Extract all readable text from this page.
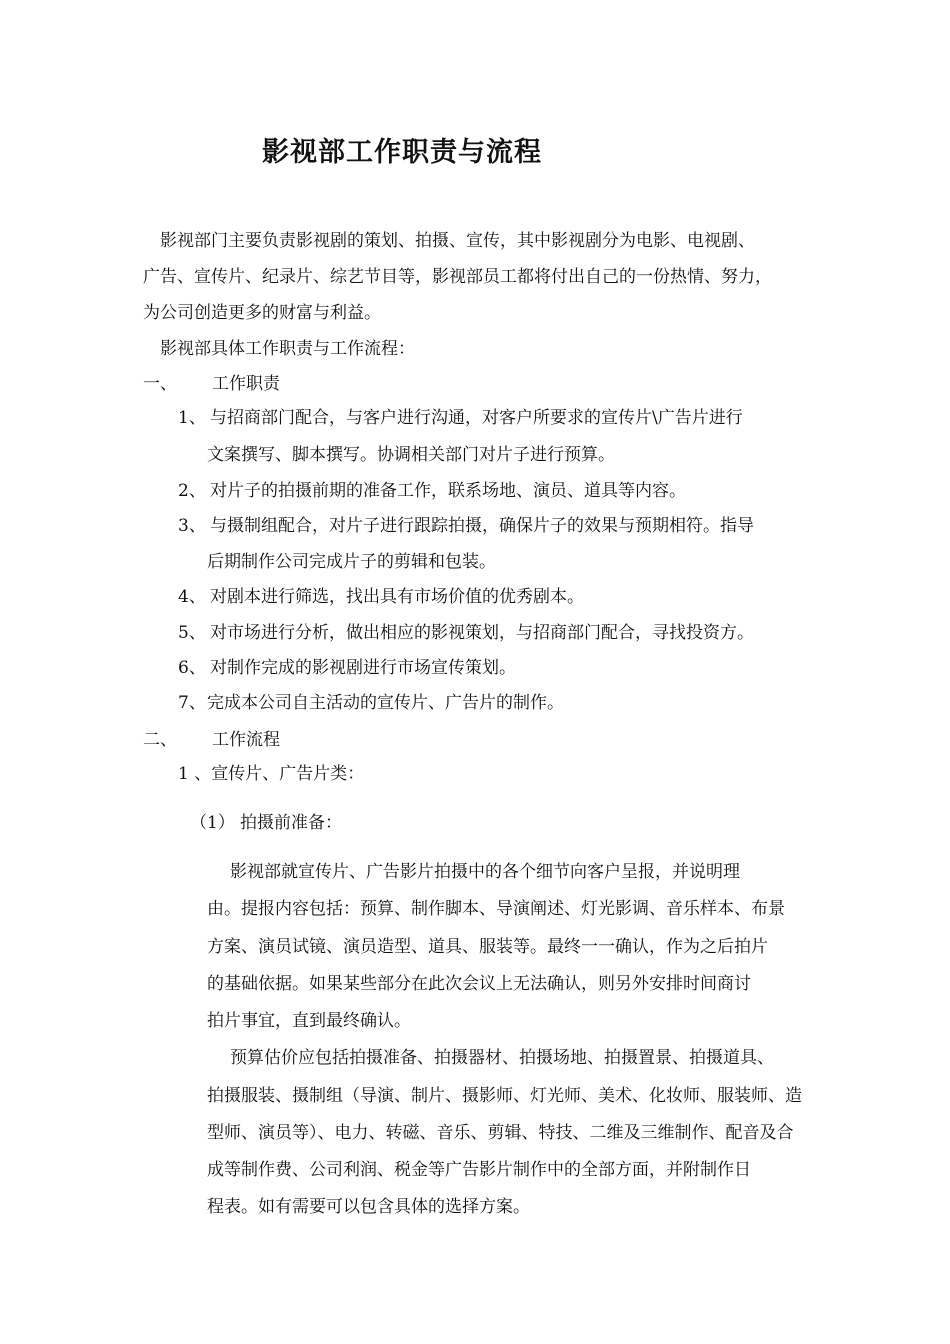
影视部工作职责与流程
影视部门主要负责影视剧的策划、拍摄、宣传，其中影视剧分为电影、电视剧、
广告、宣传片、纪录片、综艺节目等，影视部员工都将付出自己的一份热情、努力，
为公司创造更多的财富与利益。
影视部具体工作职责与工作流程：
一、 工作职责
1、 与招商部门配合，与客户进行沟通，对客户所要求的宣传片\广告片进行
文案撰写、脚本撰写。协调相关部门对片子进行预算。
2、 对片子的拍摄前期的准备工作，联系场地、演员、道具等内容。
3、 与摄制组配合，对片子进行跟踪拍摄，确保片子的效果与预期相符。指导
后期制作公司完成片子的剪辑和包装。
4、 对剧本进行筛选，找出具有市场价值的优秀剧本。
5、 对市场进行分析，做出相应的影视策划，与招商部门配合，寻找投资方。
6、 对制作完成的影视剧进行市场宣传策划。
7、 完成本公司自主活动的宣传片、广告片的制作。
二、 工作流程
1 、宣传片、广告片类：
（1） 拍摄前准备：
影视部就宣传片、广告影片拍摄中的各个细节向客户呈报，并说明理
由。提报内容包括：预算、制作脚本、导演阐述、灯光影调、音乐样本、布景
方案、演员试镜、演员造型、道具、服装等。最终一一确认，作为之后拍片
的基础依据。如果某些部分在此次会议上无法确认，则另外安排时间商讨
拍片事宜，直到最终确认。
预算估价应包括拍摄准备、拍摄器材、拍摄场地、拍摄置景、拍摄道具、
拍摄服装、摄制组（导演、制片、摄影师、灯光师、美术、化妆师、服装师、造
型师、演员等）、电力、转磁、音乐、剪辑、特技、二维及三维制作、配音及合
成等制作费、公司利润、税金等广告影片制作中的全部方面，并附制作日
程表。如有需要可以包含具体的选择方案。
